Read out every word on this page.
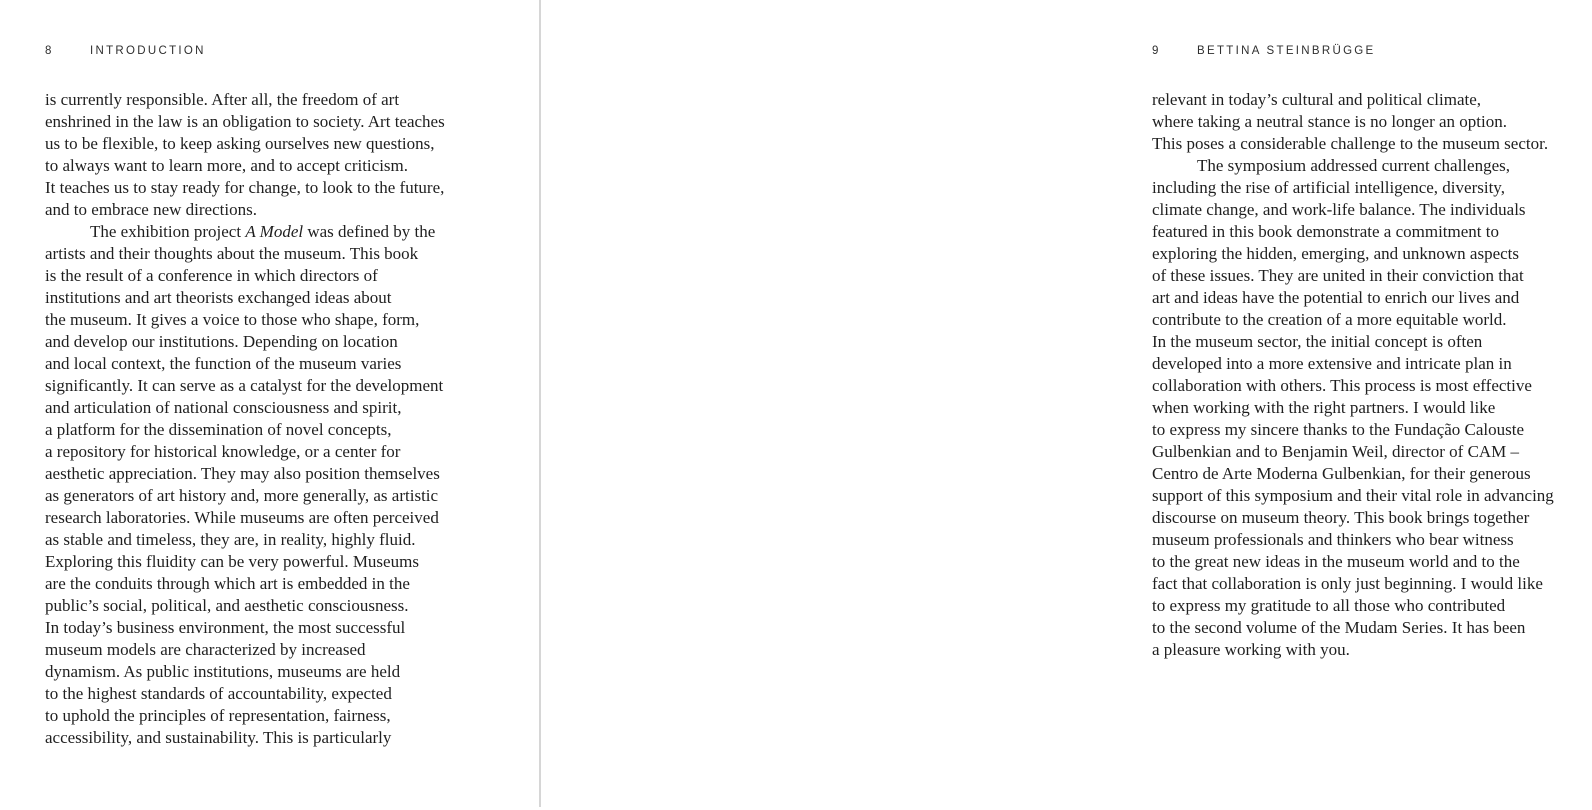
8	INTRODUCTION
is currently responsible. After all, the freedom of art
enshrined in the law is an obligation to society. Art teaches
us to be flexible, to keep asking ourselves new questions,
to always want to learn more, and to accept criticism.
It teaches us to stay ready for change, to look to the future,
and to embrace new directions.
The exhibition project A Model was defined by the
artists and their thoughts about the museum. This book
is the result of a conference in which directors of
institutions and art theorists exchanged ideas about
the museum. It gives a voice to those who shape, form,
and develop our institutions. Depending on location
and local context, the function of the museum varies
significantly. It can serve as a catalyst for the development
and articulation of national consciousness and spirit,
a platform for the dissemination of novel concepts,
a repository for historical knowledge, or a center for
aesthetic appreciation. They may also position themselves
as generators of art history and, more generally, as artistic
research laboratories. While museums are often perceived
as stable and timeless, they are, in reality, highly fluid.
Exploring this fluidity can be very powerful. Museums
are the conduits through which art is embedded in the
public’s social, political, and aesthetic consciousness.
In today’s business environment, the most successful
museum models are characterized by increased
dynamism. As public institutions, museums are held
to the highest standards of accountability, expected
to uphold the principles of representation, fairness,
accessibility, and sustainability. This is particularly
9	BETTINA STEINBRÜGGE
relevant in today’s cultural and political climate,
where taking a neutral stance is no longer an option.
This poses a considerable challenge to the museum sector.
The symposium addressed current challenges,
including the rise of artificial intelligence, diversity,
climate change, and work-life balance. The individuals
featured in this book demonstrate a commitment to
exploring the hidden, emerging, and unknown aspects
of these issues. They are united in their conviction that
art and ideas have the potential to enrich our lives and
contribute to the creation of a more equitable world.
In the museum sector, the initial concept is often
developed into a more extensive and intricate plan in
collaboration with others. This process is most effective
when working with the right partners. I would like
to express my sincere thanks to the Fundação Calouste
Gulbenkian and to Benjamin Weil, director of CAM –
Centro de Arte Moderna Gulbenkian, for their generous
support of this symposium and their vital role in advancing
discourse on museum theory. This book brings together
museum professionals and thinkers who bear witness
to the great new ideas in the museum world and to the
fact that collaboration is only just beginning. I would like
to express my gratitude to all those who contributed
to the second volume of the Mudam Series. It has been
a pleasure working with you.
